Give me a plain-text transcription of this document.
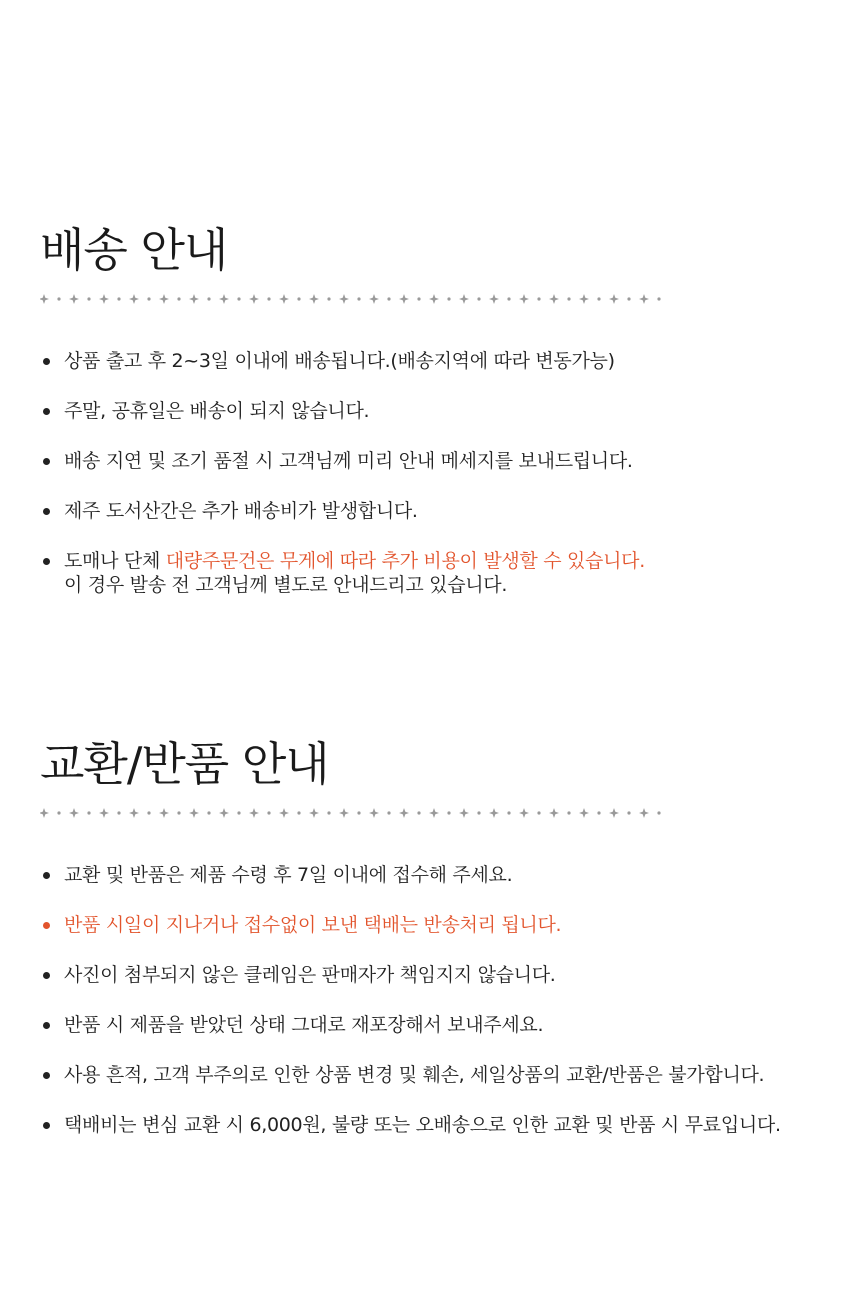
배송 안내
상품 출고 후 2~3일 이내에 배송됩니다.(배송지역에 따라 변동가능)
주말, 공휴일은 배송이 되지 않습니다.
배송 지연 및 조기 품절 시 고객님께 미리 안내 메세지를 보내드립니다.
제주 도서산간은 추가 배송비가 발생합니다.
도매나 단체 대량주문건은 무게에 따라 추가 비용이 발생할 수 있습니다.
이 경우 발송 전 고객님께 별도로 안내드리고 있습니다.
교환/반품 안내
교환 및 반품은 제품 수령 후 7일 이내에 접수해 주세요.
반품 시일이 지나거나 접수없이 보낸 택배는 반송처리 됩니다.
사진이 첨부되지 않은 클레임은 판매자가 책임지지 않습니다.
반품 시 제품을 받았던 상태 그대로 재포장해서 보내주세요.
사용 흔적, 고객 부주의로 인한 상품 변경 및 훼손, 세일상품의 교환/반품은 불가합니다.
택배비는 변심 교환 시 6,000원, 불량 또는 오배송으로 인한 교환 및 반품 시 무료입니다.
